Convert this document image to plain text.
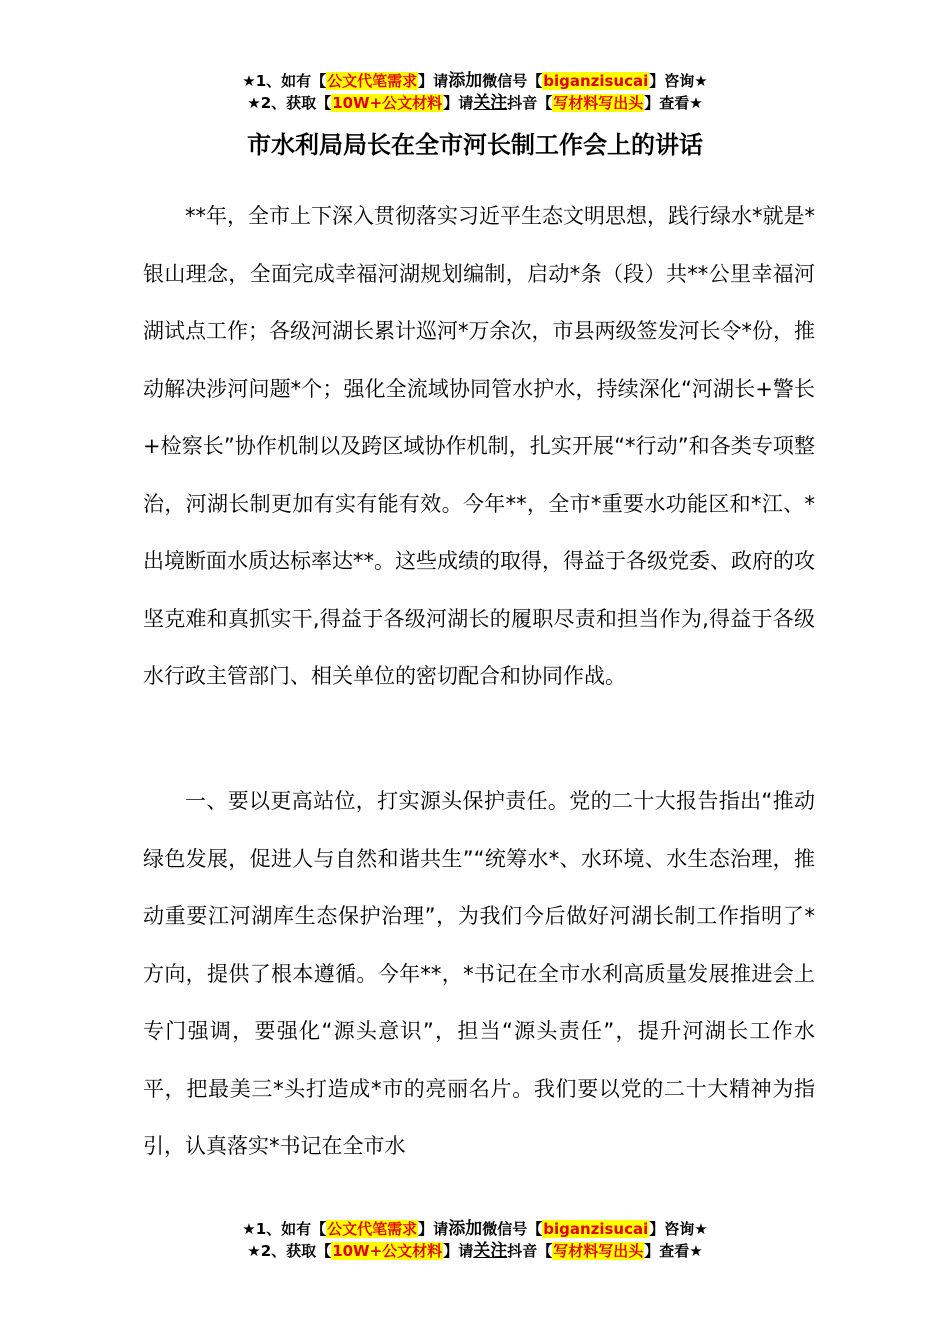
★1、如有【公文代笔需求】请添加微信号【biganzisucai】咨询★
★2、获取【10W+公文材料】请关注抖音【写材料写出头】查看★
市水利局局长在全市河长制工作会上的讲话

**年，全市上下深入贯彻落实习近平生态文明思想，践行绿水*就是*银山理念，全面完成幸福河湖规划编制，启动*条（段）共**公里幸福河湖试点工作；各级河湖长累计巡河*万余次，市县两级签发河长令*份，推动解决涉河问题*个；强化全流域协同管水护水，持续深化“河湖长+警长+检察长”协作机制以及跨区域协作机制，扎实开展“*行动”和各类专项整治，河湖长制更加有实有能有效。今年**，全市*重要水功能区和*江、*出境断面水质达标率达**。这些成绩的取得，得益于各级党委、政府的攻坚克难和真抓实干,得益于各级河湖长的履职尽责和担当作为,得益于各级水行政主管部门、相关单位的密切配合和协同作战。

一、要以更高站位，打实源头保护责任。党的二十大报告指出“推动绿色发展，促进人与自然和谐共生”“统筹水*、水环境、水生态治理，推动重要江河湖库生态保护治理”，为我们今后做好河湖长制工作指明了*方向，提供了根本遵循。今年**，*书记在全市水利高质量发展推进会上专门强调，要强化“源头意识”，担当“源头责任”，提升河湖长工作水平，把最美三*头打造成*市的亮丽名片。我们要以党的二十大精神为指引，认真落实*书记在全市水

★1、如有【公文代笔需求】请添加微信号【biganzisucai】咨询★
★2、获取【10W+公文材料】请关注抖音【写材料写出头】查看★
